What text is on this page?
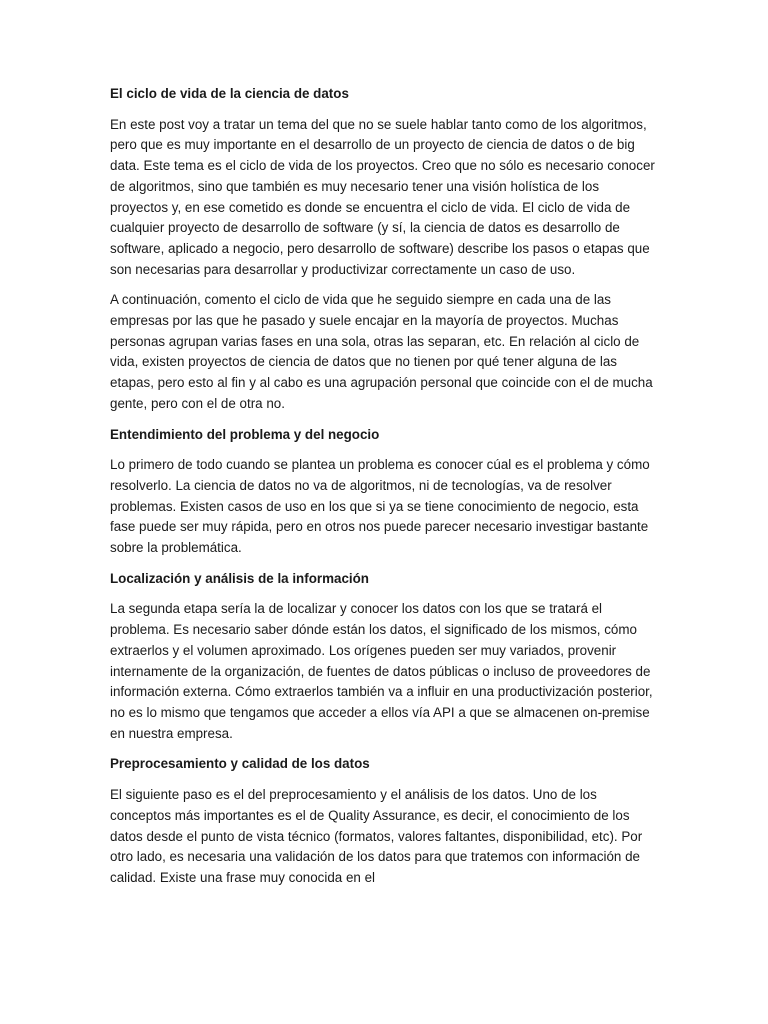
El ciclo de vida de la ciencia de datos

En este post voy a tratar un tema del que no se suele hablar tanto como de los algoritmos, pero que es muy importante en el desarrollo de un proyecto de ciencia de datos o de big data. Este tema es el ciclo de vida de los proyectos. Creo que no sólo es necesario conocer de algoritmos, sino que también es muy necesario tener una visión holística de los proyectos y, en ese cometido es donde se encuentra el ciclo de vida. El ciclo de vida de cualquier proyecto de desarrollo de software (y sí, la ciencia de datos es desarrollo de software, aplicado a negocio, pero desarrollo de software) describe los pasos o etapas que son necesarias para desarrollar y productivizar correctamente un caso de uso.

A continuación, comento el ciclo de vida que he seguido siempre en cada una de las empresas por las que he pasado y suele encajar en la mayoría de proyectos. Muchas personas agrupan varias fases en una sola, otras las separan, etc. En relación al ciclo de vida, existen proyectos de ciencia de datos que no tienen por qué tener alguna de las etapas, pero esto al fin y al cabo es una agrupación personal que coincide con el de mucha gente, pero con el de otra no.

Entendimiento del problema y del negocio

Lo primero de todo cuando se plantea un problema es conocer cúal es el problema y cómo resolverlo. La ciencia de datos no va de algoritmos, ni de tecnologías, va de resolver problemas. Existen casos de uso en los que si ya se tiene conocimiento de negocio, esta fase puede ser muy rápida, pero en otros nos puede parecer necesario investigar bastante sobre la problemática.

Localización y análisis de la información

La segunda etapa sería la de localizar y conocer los datos con los que se tratará el problema. Es necesario saber dónde están los datos, el significado de los mismos, cómo extraerlos y el volumen aproximado. Los orígenes pueden ser muy variados, provenir internamente de la organización, de fuentes de datos públicas o incluso de proveedores de información externa. Cómo extraerlos también va a influir en una productivización posterior, no es lo mismo que tengamos que acceder a ellos vía API a que se almacenen on-premise en nuestra empresa.

Preprocesamiento y calidad de los datos

El siguiente paso es el del preprocesamiento y el análisis de los datos. Uno de los conceptos más importantes es el de Quality Assurance, es decir, el conocimiento de los datos desde el punto de vista técnico (formatos, valores faltantes, disponibilidad, etc). Por otro lado, es necesaria una validación de los datos para que tratemos con información de calidad. Existe una frase muy conocida en el
